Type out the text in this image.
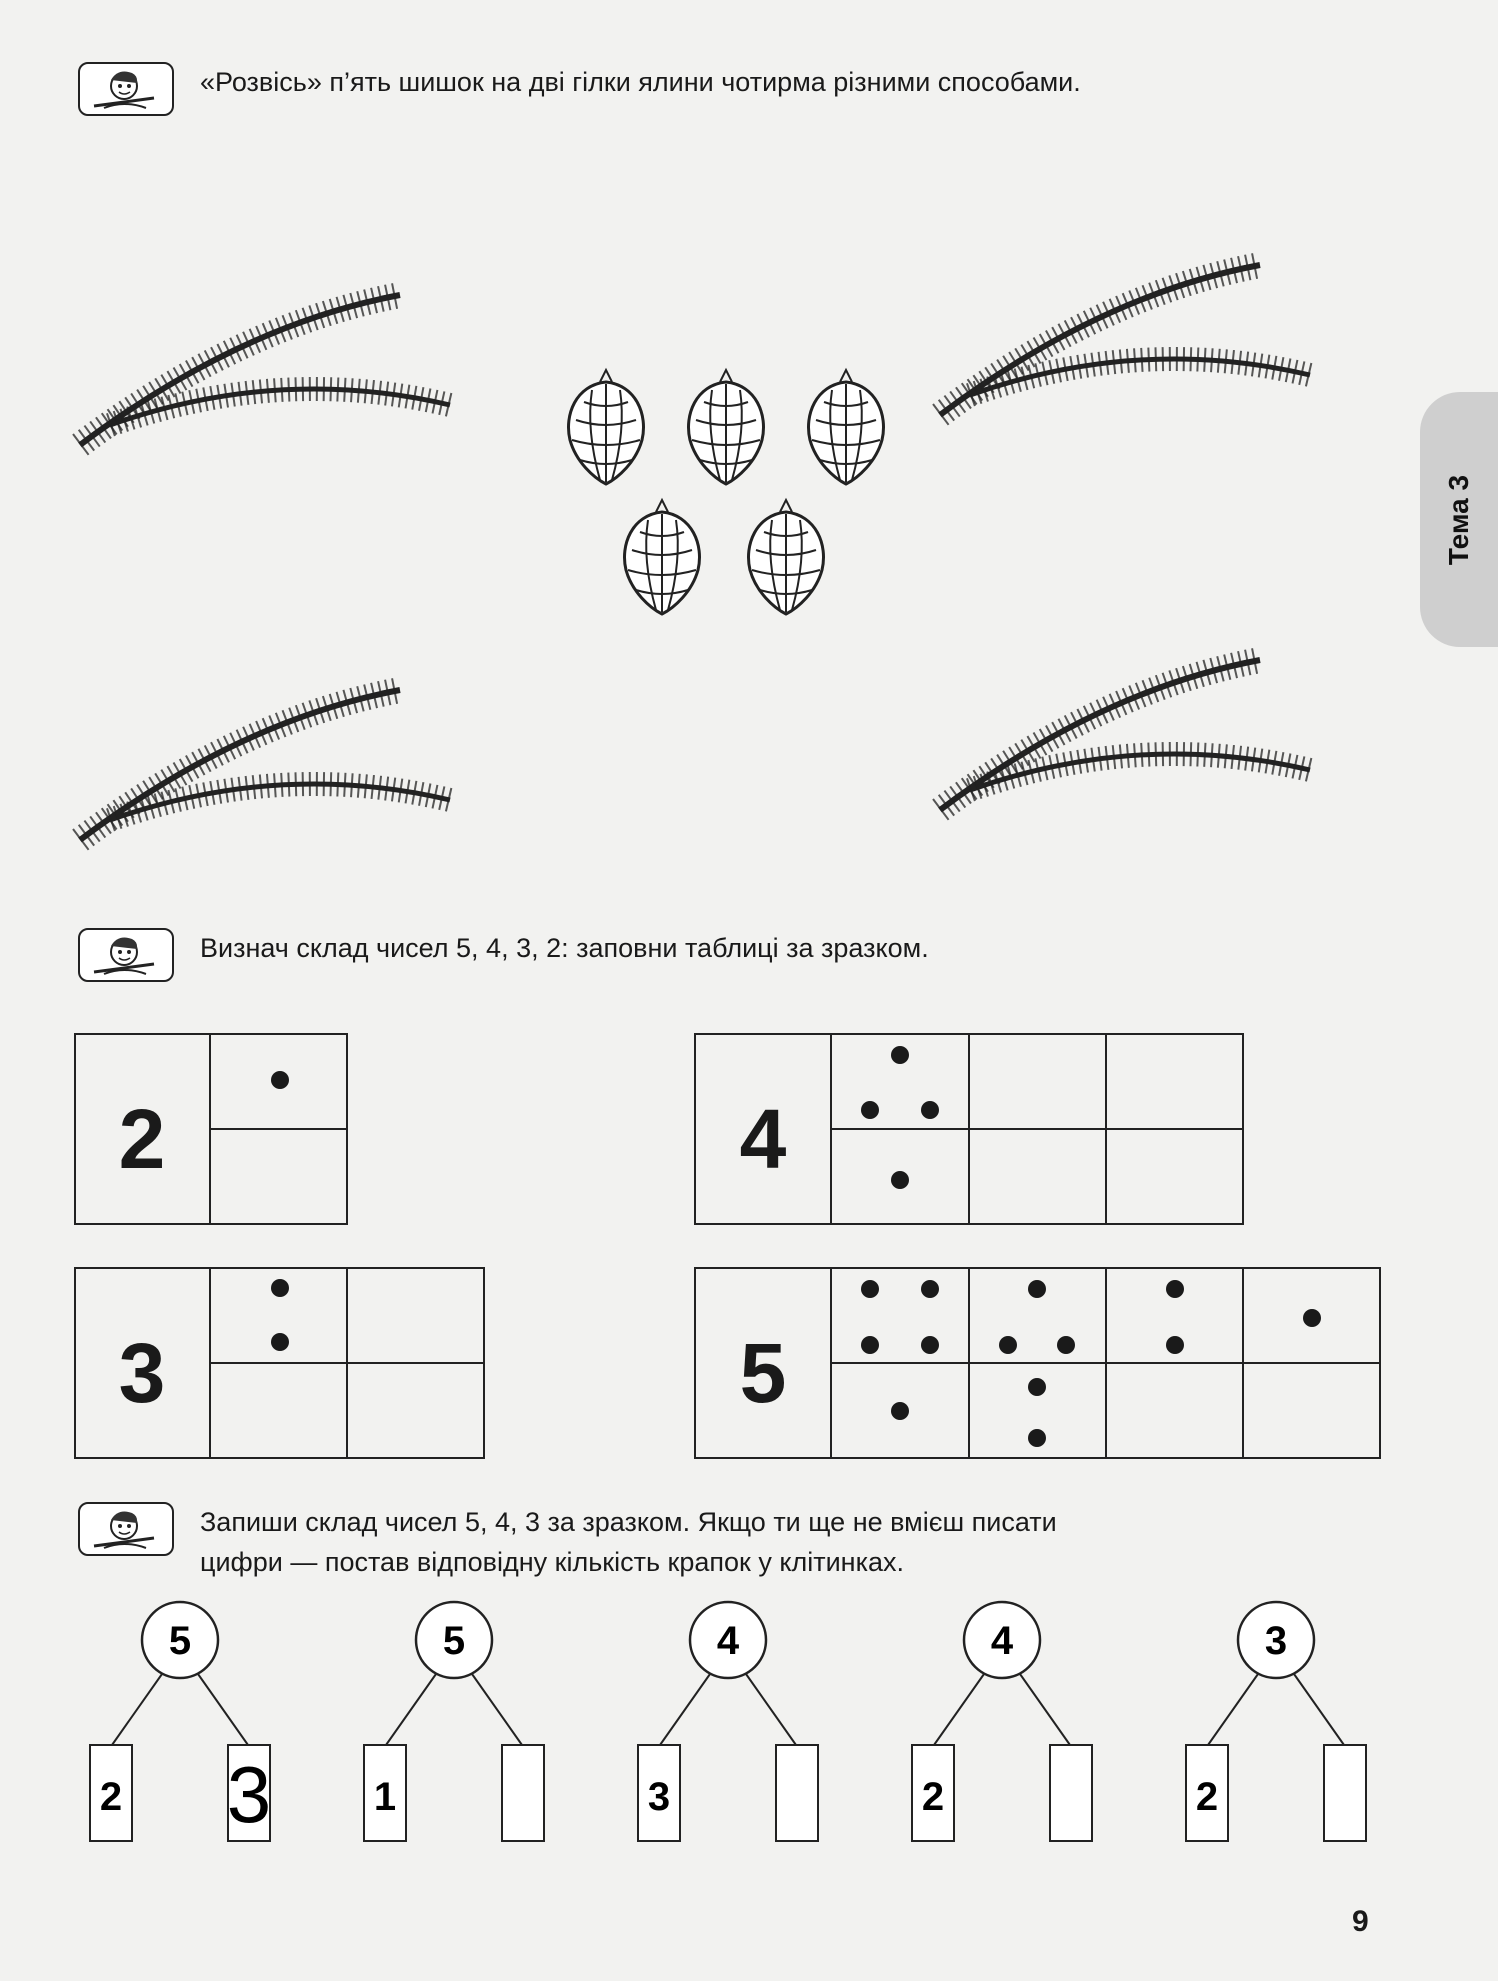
Тема 3
«Розвісь» п’ять шишок на дві гілки ялини чотирма різними способами.
Визнач склад чисел 5, 4, 3, 2: заповни таблиці за зразком.
2	4
3	5
Запиши склад чисел 5, 4, 3 за зразком. Якщо ти ще не вмієш писати
цифри — постав відповідну кількість крапок у клітинках.
5
2 3
5
1
4
3
4
2
3
2
9
